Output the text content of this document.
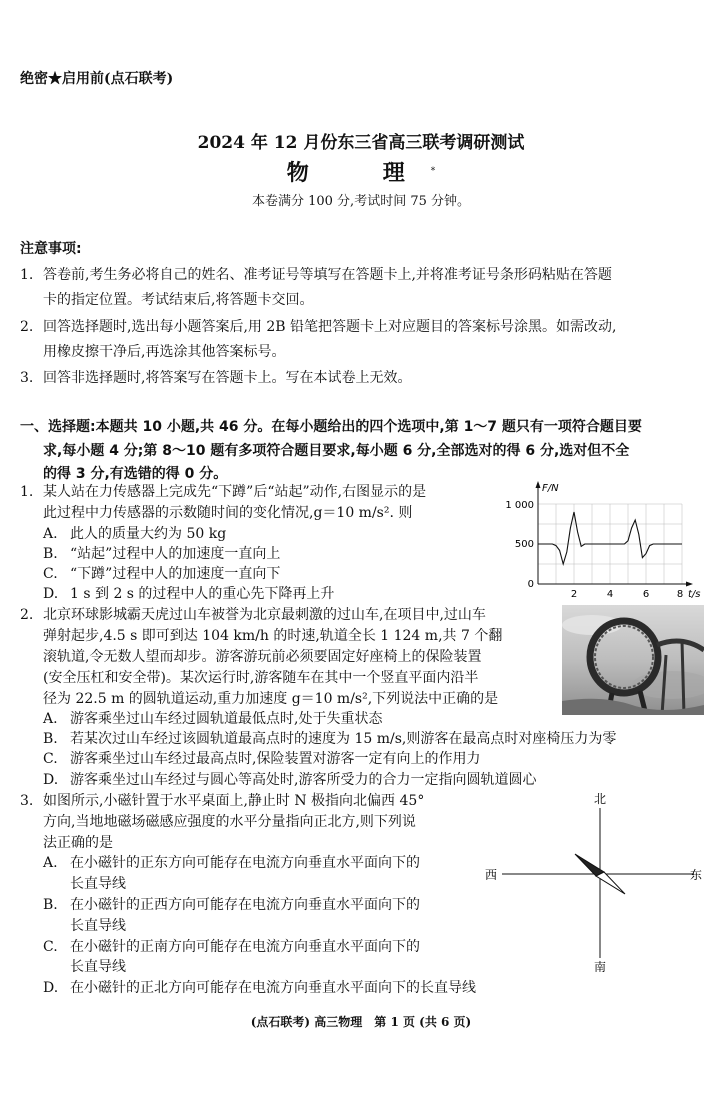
绝密★启用前(点石联考)
2024 年 12 月份东三省高三联考调研测试
物　理*
本卷满分 100 分,考试时间 75 分钟。
注意事项:
1. 答卷前,考生务必将自己的姓名、准考证号等填写在答题卡上,并将准考证号条形码粘贴在答题
卡的指定位置。考试结束后,将答题卡交回。
2. 回答选择题时,选出每小题答案后,用 2B 铅笔把答题卡上对应题目的答案标号涂黑。如需改动,
用橡皮擦干净后,再选涂其他答案标号。
3. 回答非选择题时,将答案写在答题卡上。写在本试卷上无效。
一、选择题:本题共 10 小题,共 46 分。在每小题给出的四个选项中,第 1～7 题只有一项符合题目要
求,每小题 4 分;第 8～10 题有多项符合题目要求,每小题 6 分,全部选对的得 6 分,选对但不全
的得 3 分,有选错的得 0 分。
1. 某人站在力传感器上完成先“下蹲”后“站起”动作,右图显示的是
此过程中力传感器的示数随时间的变化情况,g＝10 m/s². 则
A. 此人的质量大约为 50 kg
B. “站起”过程中人的加速度一直向上
C. “下蹲”过程中人的加速度一直向下
D. 1 s 到 2 s 的过程中人的重心先下降再上升
F/N
t/s
1 000
500
0
2	4	6	8
2. 北京环球影城霸天虎过山车被誉为北京最刺激的过山车,在项目中,过山车
弹射起步,4.5 s 即可到达 104 km/h 的时速,轨道全长 1 124 m,共 7 个翻
滚轨道,令无数人望而却步。游客游玩前必须要固定好座椅上的保险装置
(安全压杠和安全带)。某次运行时,游客随车在其中一个竖直平面内沿半
径为 22.5 m 的圆轨道运动,重力加速度 g＝10 m/s²,下列说法中正确的是
A. 游客乘坐过山车经过圆轨道最低点时,处于失重状态
B. 若某次过山车经过该圆轨道最高点时的速度为 15 m/s,则游客在最高点时对座椅压力为零
C. 游客乘坐过山车经过最高点时,保险装置对游客一定有向上的作用力
D. 游客乘坐过山车经过与圆心等高处时,游客所受力的合力一定指向圆轨道圆心
3. 如图所示,小磁针置于水平桌面上,静止时 N 极指向北偏西 45°
方向,当地地磁场磁感应强度的水平分量指向正北方,则下列说
法正确的是
A. 在小磁针的正东方向可能存在电流方向垂直水平面向下的
长直导线
B. 在小磁针的正西方向可能存在电流方向垂直水平面向下的
长直导线
C. 在小磁针的正南方向可能存在电流方向垂直水平面向下的
长直导线
D. 在小磁针的正北方向可能存在电流方向垂直水平面向下的长直导线
北
南
西	东
(点石联考) 高三物理　第 1 页 (共 6 页)
